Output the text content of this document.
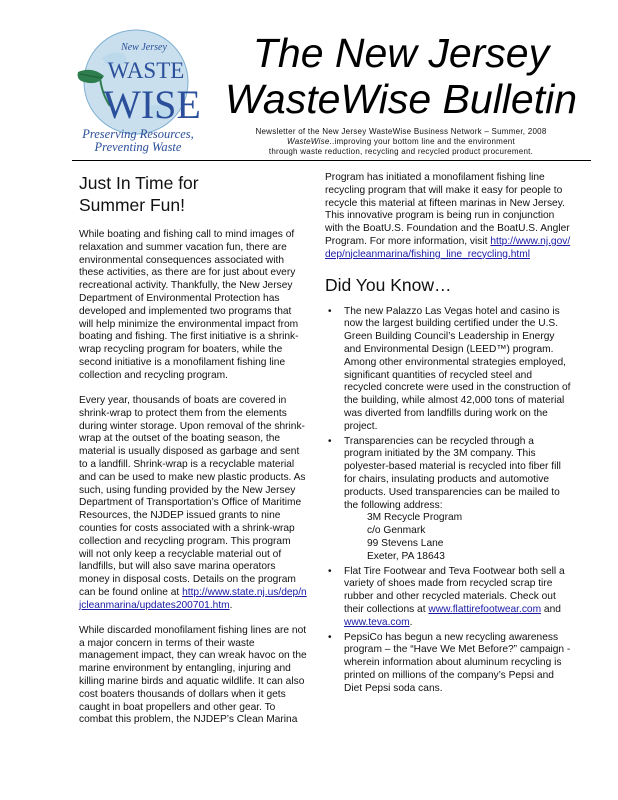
New Jersey
WASTE
WISE
Preserving Resources,
Preventing Waste
The New Jersey
WasteWise Bulletin
Newsletter of the New Jersey WasteWise Business Network – Summer, 2008
WasteWise..improving your bottom line and the environment
through waste reduction, recycling and recycled product procurement.
Just In Time for
Summer Fun!

While boating and fishing call to mind images of relaxation and summer vacation fun, there are environmental consequences associated with these activities, as there are for just about every recreational activity. Thankfully, the New Jersey Department of Environmental Protection has developed and implemented two programs that will help minimize the environmental impact from boating and fishing. The first initiative is a shrink-wrap recycling program for boaters, while the second initiative is a monofilament fishing line collection and recycling program.

Every year, thousands of boats are covered in shrink-wrap to protect them from the elements during winter storage. Upon removal of the shrink-wrap at the outset of the boating season, the material is usually disposed as garbage and sent to a landfill. Shrink-wrap is a recyclable material and can be used to make new plastic products. As such, using funding provided by the New Jersey Department of Transportation’s Office of Maritime Resources, the NJDEP issued grants to nine counties for costs associated with a shrink-wrap collection and recycling program. This program will not only keep a recyclable material out of landfills, but will also save marina operators money in disposal costs. Details on the program can be found online at http://www.state.nj.us/dep/njcleanmarina/updates200701.htm.

While discarded monofilament fishing lines are not a major concern in terms of their waste management impact, they can wreak havoc on the marine environment by entangling, injuring and killing marine birds and aquatic wildlife. It can also cost boaters thousands of dollars when it gets caught in boat propellers and other gear. To combat this problem, the NJDEP’s Clean Marina

Program has initiated a monofilament fishing line recycling program that will make it easy for people to recycle this material at fifteen marinas in New Jersey. This innovative program is being run in conjunction with the BoatU.S. Foundation and the BoatU.S. Angler Program. For more information, visit http://www.nj.gov/dep/njcleanmarina/fishing_line_recycling.html

Did You Know…
• The new Palazzo Las Vegas hotel and casino is now the largest building certified under the U.S. Green Building Council’s Leadership in Energy and Environmental Design (LEED™) program. Among other environmental strategies employed, significant quantities of recycled steel and recycled concrete were used in the construction of the building, while almost 42,000 tons of material was diverted from landfills during work on the project.
• Transparencies can be recycled through a program initiated by the 3M company. This polyester-based material is recycled into fiber fill for chairs, insulating products and automotive products. Used transparencies can be mailed to the following address:
3M Recycle Program
c/o Genmark
99 Stevens Lane
Exeter, PA 18643
• Flat Tire Footwear and Teva Footwear both sell a variety of shoes made from recycled scrap tire rubber and other recycled materials. Check out their collections at www.flattirefootwear.com and www.teva.com.
• PepsiCo has begun a new recycling awareness program – the “Have We Met Before?” campaign - wherein information about aluminum recycling is printed on millions of the company’s Pepsi and Diet Pepsi soda cans.
